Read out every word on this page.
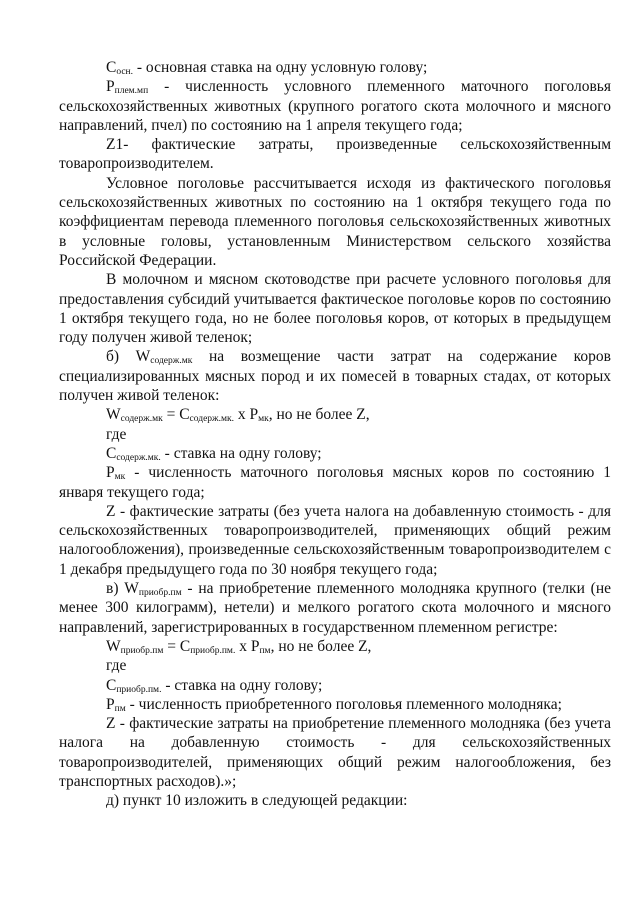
$С_{осн.}$ - основная ставка на одну условную голову;

$Р_{плем.мп}$ - численность условного племенного маточного поголовья сельскохозяйственных животных (крупного рогатого скота молочного и мясного направлений, пчел) по состоянию на 1 апреля текущего года;

Z1- фактические затраты, произведенные сельскохозяйственным товаропроизводителем.

Условное поголовье рассчитывается исходя из фактического поголовья сельскохозяйственных животных по состоянию на 1 октября текущего года по коэффициентам перевода племенного поголовья сельскохозяйственных животных в условные головы, установленным Министерством сельского хозяйства Российской Федерации.

В молочном и мясном скотоводстве при расчете условного поголовья для предоставления субсидий учитывается фактическое поголовье коров по состоянию 1 октября текущего года, но не более поголовья коров, от которых в предыдущем году получен живой теленок;

б) $W_{содерж.мк}$ на возмещение части затрат на содержание коров специализированных мясных пород и их помесей в товарных стадах, от которых получен живой теленок:

$W_{содерж.мк} = С_{содерж.мк.}$ х $Р_{мк}$, но не более Z,

где

$С_{содерж.мк.}$ - ставка на одну голову;

$Р_{мк}$ - численность маточного поголовья мясных коров по состоянию 1 января текущего года;

Z - фактические затраты (без учета налога на добавленную стоимость - для сельскохозяйственных товаропроизводителей, применяющих общий режим налогообложения), произведенные сельскохозяйственным товаропроизводителем с 1 декабря предыдущего года по 30 ноября текущего года;

в) $W_{приобр.пм}$ - на приобретение племенного молодняка крупного (телки (не менее 300 килограмм), нетели) и мелкого рогатого скота молочного и мясного направлений, зарегистрированных в государственном племенном регистре:

$W_{приобр.пм} = С_{приобр.пм.}$ х $Р_{пм}$, но не более Z,

где

$С_{приобр.пм.}$ - ставка на одну голову;

$Р_{пм}$ - численность приобретенного поголовья племенного молодняка;

Z - фактические затраты на приобретение племенного молодняка (без учета налога на добавленную стоимость - для сельскохозяйственных товаропроизводителей, применяющих общий режим налогообложения, без транспортных расходов).»;

д) пункт 10 изложить в следующей редакции:
